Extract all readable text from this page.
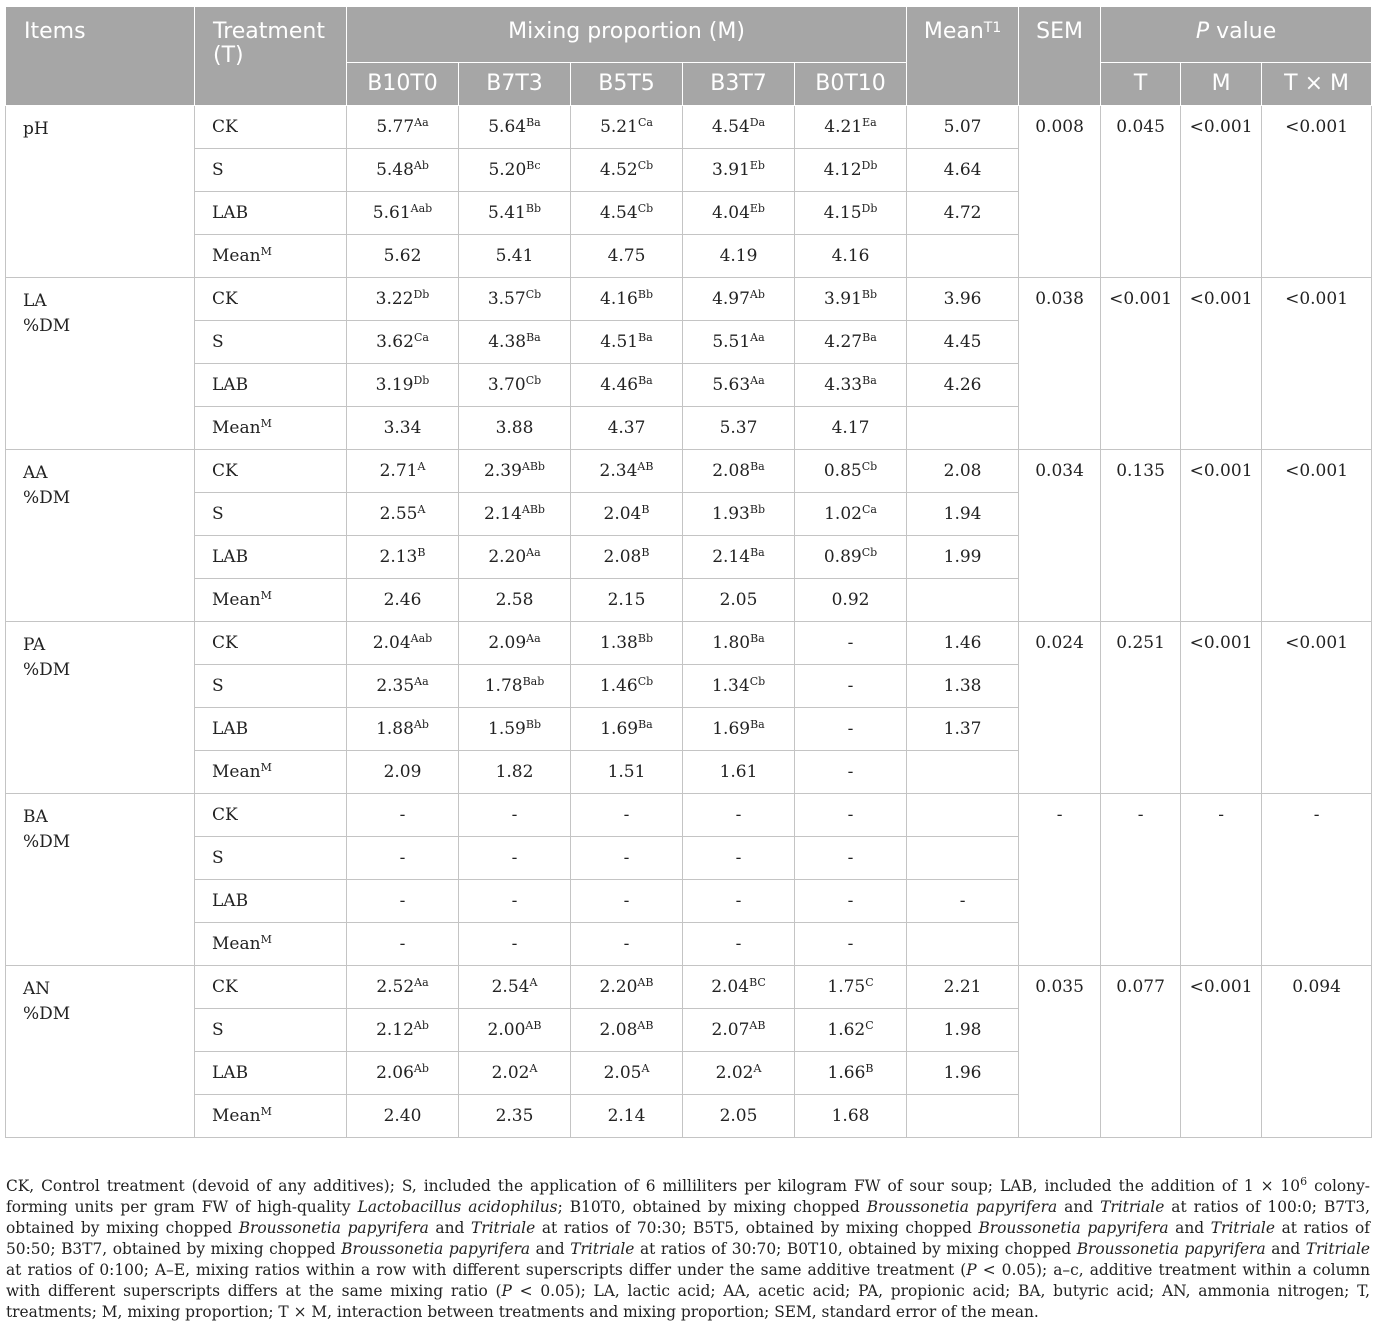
Items	Treatment (T)	Mixing proportion (M)					Mean$^{T1}$	SEM	P value		
		B10T0	B7T3	B5T5	B3T7	B0T10			T	M	T × M

pH	CK	$5.77^{Aa}$	$5.64^{Ba}$	$5.21^{Ca}$	$4.54^{Da}$	$4.21^{Ea}$	5.07	0.008	0.045	<0.001	<0.001
	S	$5.48^{Ab}$	$5.20^{Bc}$	$4.52^{Cb}$	$3.91^{Eb}$	$4.12^{Db}$	4.64				
	LAB	$5.61^{Aab}$	$5.41^{Bb}$	$4.54^{Cb}$	$4.04^{Eb}$	$4.15^{Db}$	4.72				
	Mean$^M$	5.62	5.41	4.75	4.19	4.16					

LA
%DM	CK	$3.22^{Db}$	$3.57^{Cb}$	$4.16^{Bb}$	$4.97^{Ab}$	$3.91^{Bb}$	3.96	0.038	<0.001	<0.001	<0.001
	S	$3.62^{Ca}$	$4.38^{Ba}$	$4.51^{Ba}$	$5.51^{Aa}$	$4.27^{Ba}$	4.45				
	LAB	$3.19^{Db}$	$3.70^{Cb}$	$4.46^{Ba}$	$5.63^{Aa}$	$4.33^{Ba}$	4.26				
	Mean$^M$	3.34	3.88	4.37	5.37	4.17					

AA
%DM	CK	$2.71^A$	$2.39^{ABb}$	$2.34^{AB}$	$2.08^{Ba}$	$0.85^{Cb}$	2.08	0.034	0.135	<0.001	<0.001
	S	$2.55^A$	$2.14^{ABb}$	$2.04^B$	$1.93^{Bb}$	$1.02^{Ca}$	1.94				
	LAB	$2.13^B$	$2.20^{Aa}$	$2.08^B$	$2.14^{Ba}$	$0.89^{Cb}$	1.99				
	Mean$^M$	2.46	2.58	2.15	2.05	0.92					

PA
%DM	CK	$2.04^{Aab}$	$2.09^{Aa}$	$1.38^{Bb}$	$1.80^{Ba}$	-	1.46	0.024	0.251	<0.001	<0.001
	S	$2.35^{Aa}$	$1.78^{Bab}$	$1.46^{Cb}$	$1.34^{Cb}$	-	1.38				
	LAB	$1.88^{Ab}$	$1.59^{Bb}$	$1.69^{Ba}$	$1.69^{Ba}$	-	1.37				
	Mean$^M$	2.09	1.82	1.51	1.61	-					

BA
%DM	CK	-	-	-	-	-		-	-	-	-
	S	-	-	-	-	-					
	LAB	-	-	-	-	-	-				
	Mean$^M$	-	-	-	-	-					

AN
%DM	CK	$2.52^{Aa}$	$2.54^A$	$2.20^{AB}$	$2.04^{BC}$	$1.75^C$	2.21	0.035	0.077	<0.001	0.094
	S	$2.12^{Ab}$	$2.00^{AB}$	$2.08^{AB}$	$2.07^{AB}$	$1.62^C$	1.98				
	LAB	$2.06^{Ab}$	$2.02^A$	$2.05^A$	$2.02^A$	$1.66^B$	1.96				
	Mean$^M$	2.40	2.35	2.14	2.05	1.68					

CK, Control treatment (devoid of any additives); S, included the application of 6 milliliters per kilogram FW of sour soup; LAB, included the addition of $1 \times 10^6$ colony-forming units per gram FW of high-quality Lactobacillus acidophilus; B10T0, obtained by mixing chopped Broussonetia papyrifera and Tritriale at ratios of 100:0; B7T3, obtained by mixing chopped Broussonetia papyrifera and Tritriale at ratios of 70:30; B5T5, obtained by mixing chopped Broussonetia papyrifera and Tritriale at ratios of 50:50; B3T7, obtained by mixing chopped Broussonetia papyrifera and Tritriale at ratios of 30:70; B0T10, obtained by mixing chopped Broussonetia papyrifera and Tritriale at ratios of 0:100; A–E, mixing ratios within a row with different superscripts differ under the same additive treatment (P < 0.05); a–c, additive treatment within a column with different superscripts differs at the same mixing ratio (P < 0.05); LA, lactic acid; AA, acetic acid; PA, propionic acid; BA, butyric acid; AN, ammonia nitrogen; T, treatments; M, mixing proportion; T × M, interaction between treatments and mixing proportion; SEM, standard error of the mean.
